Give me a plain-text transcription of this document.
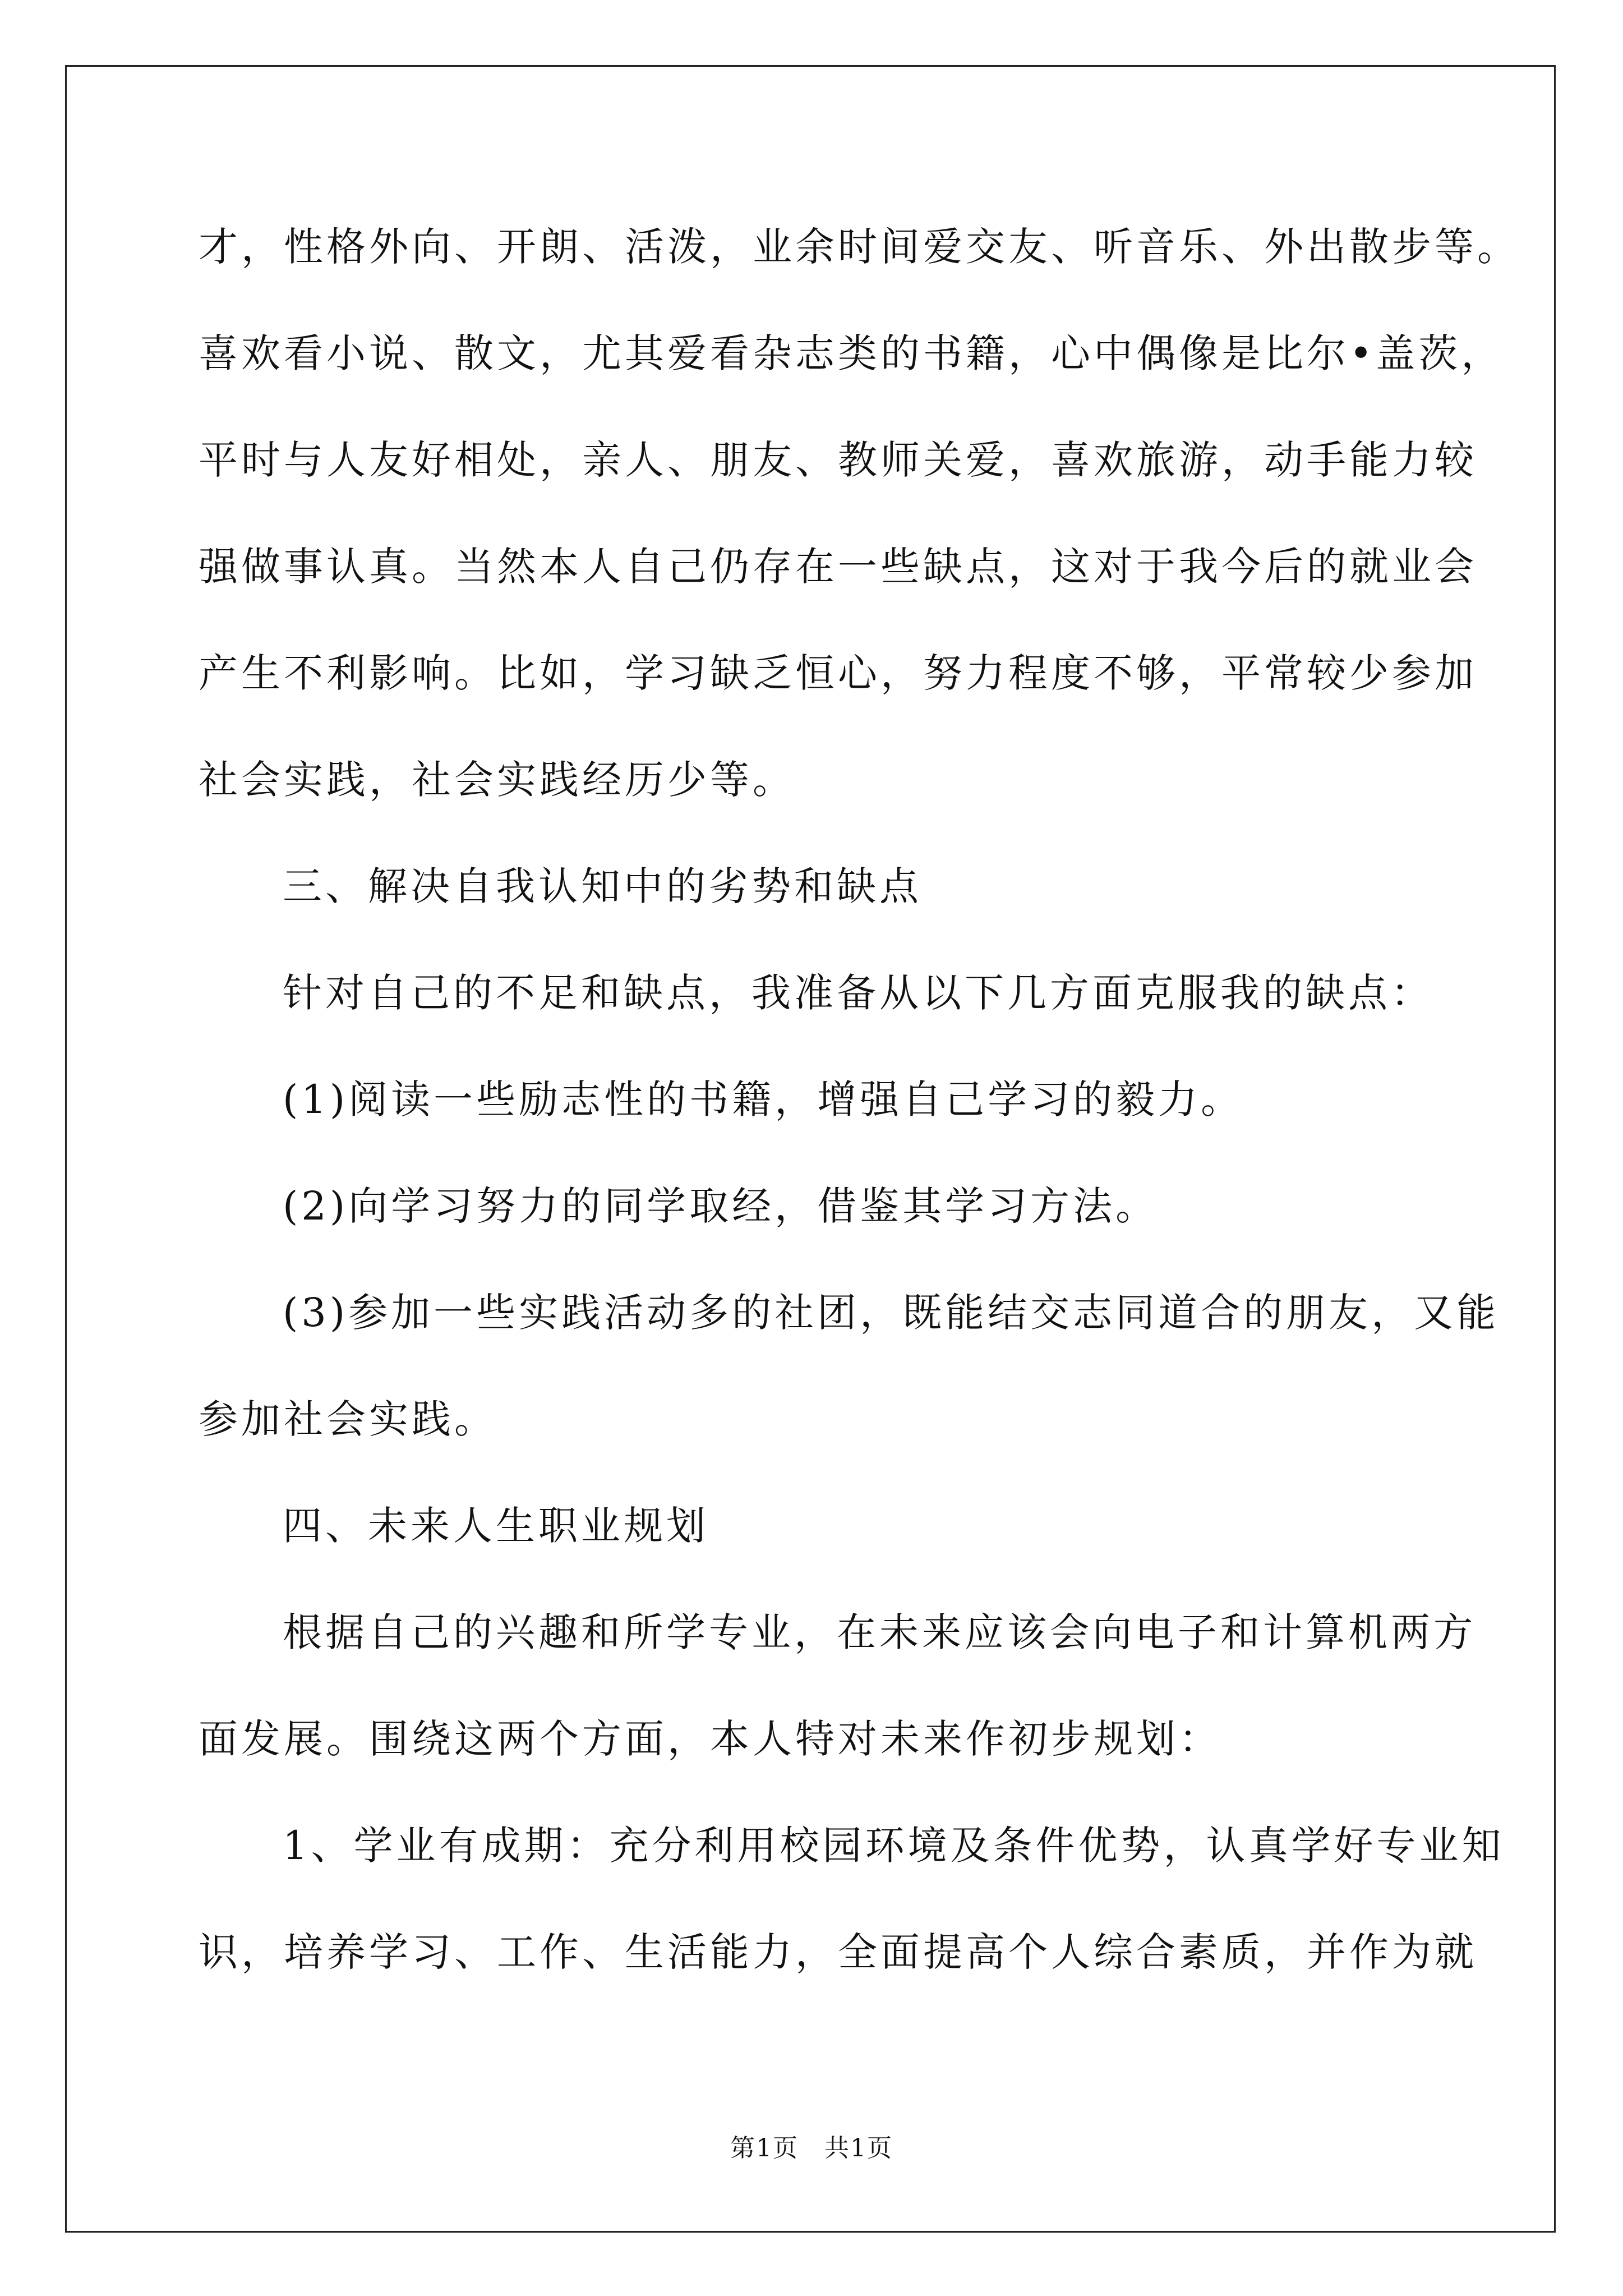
才，性格外向、开朗、活泼，业余时间爱交友、听音乐、外出散步等。
喜欢看小说、散文，尤其爱看杂志类的书籍，心中偶像是比尔•盖茨，
平时与人友好相处，亲人、朋友、教师关爱，喜欢旅游，动手能力较
强做事认真。当然本人自己仍存在一些缺点，这对于我今后的就业会
产生不利影响。比如，学习缺乏恒心，努力程度不够，平常较少参加
社会实践，社会实践经历少等。
三、解决自我认知中的劣势和缺点
针对自己的不足和缺点，我准备从以下几方面克服我的缺点：
(1)阅读一些励志性的书籍，增强自己学习的毅力。
(2)向学习努力的同学取经，借鉴其学习方法。
(3)参加一些实践活动多的社团，既能结交志同道合的朋友，又能
参加社会实践。
四、未来人生职业规划
根据自己的兴趣和所学专业，在未来应该会向电子和计算机两方
面发展。围绕这两个方面，本人特对未来作初步规划：
1、学业有成期：充分利用校园环境及条件优势，认真学好专业知
识，培养学习、工作、生活能力，全面提高个人综合素质，并作为就
第1页　共1页
